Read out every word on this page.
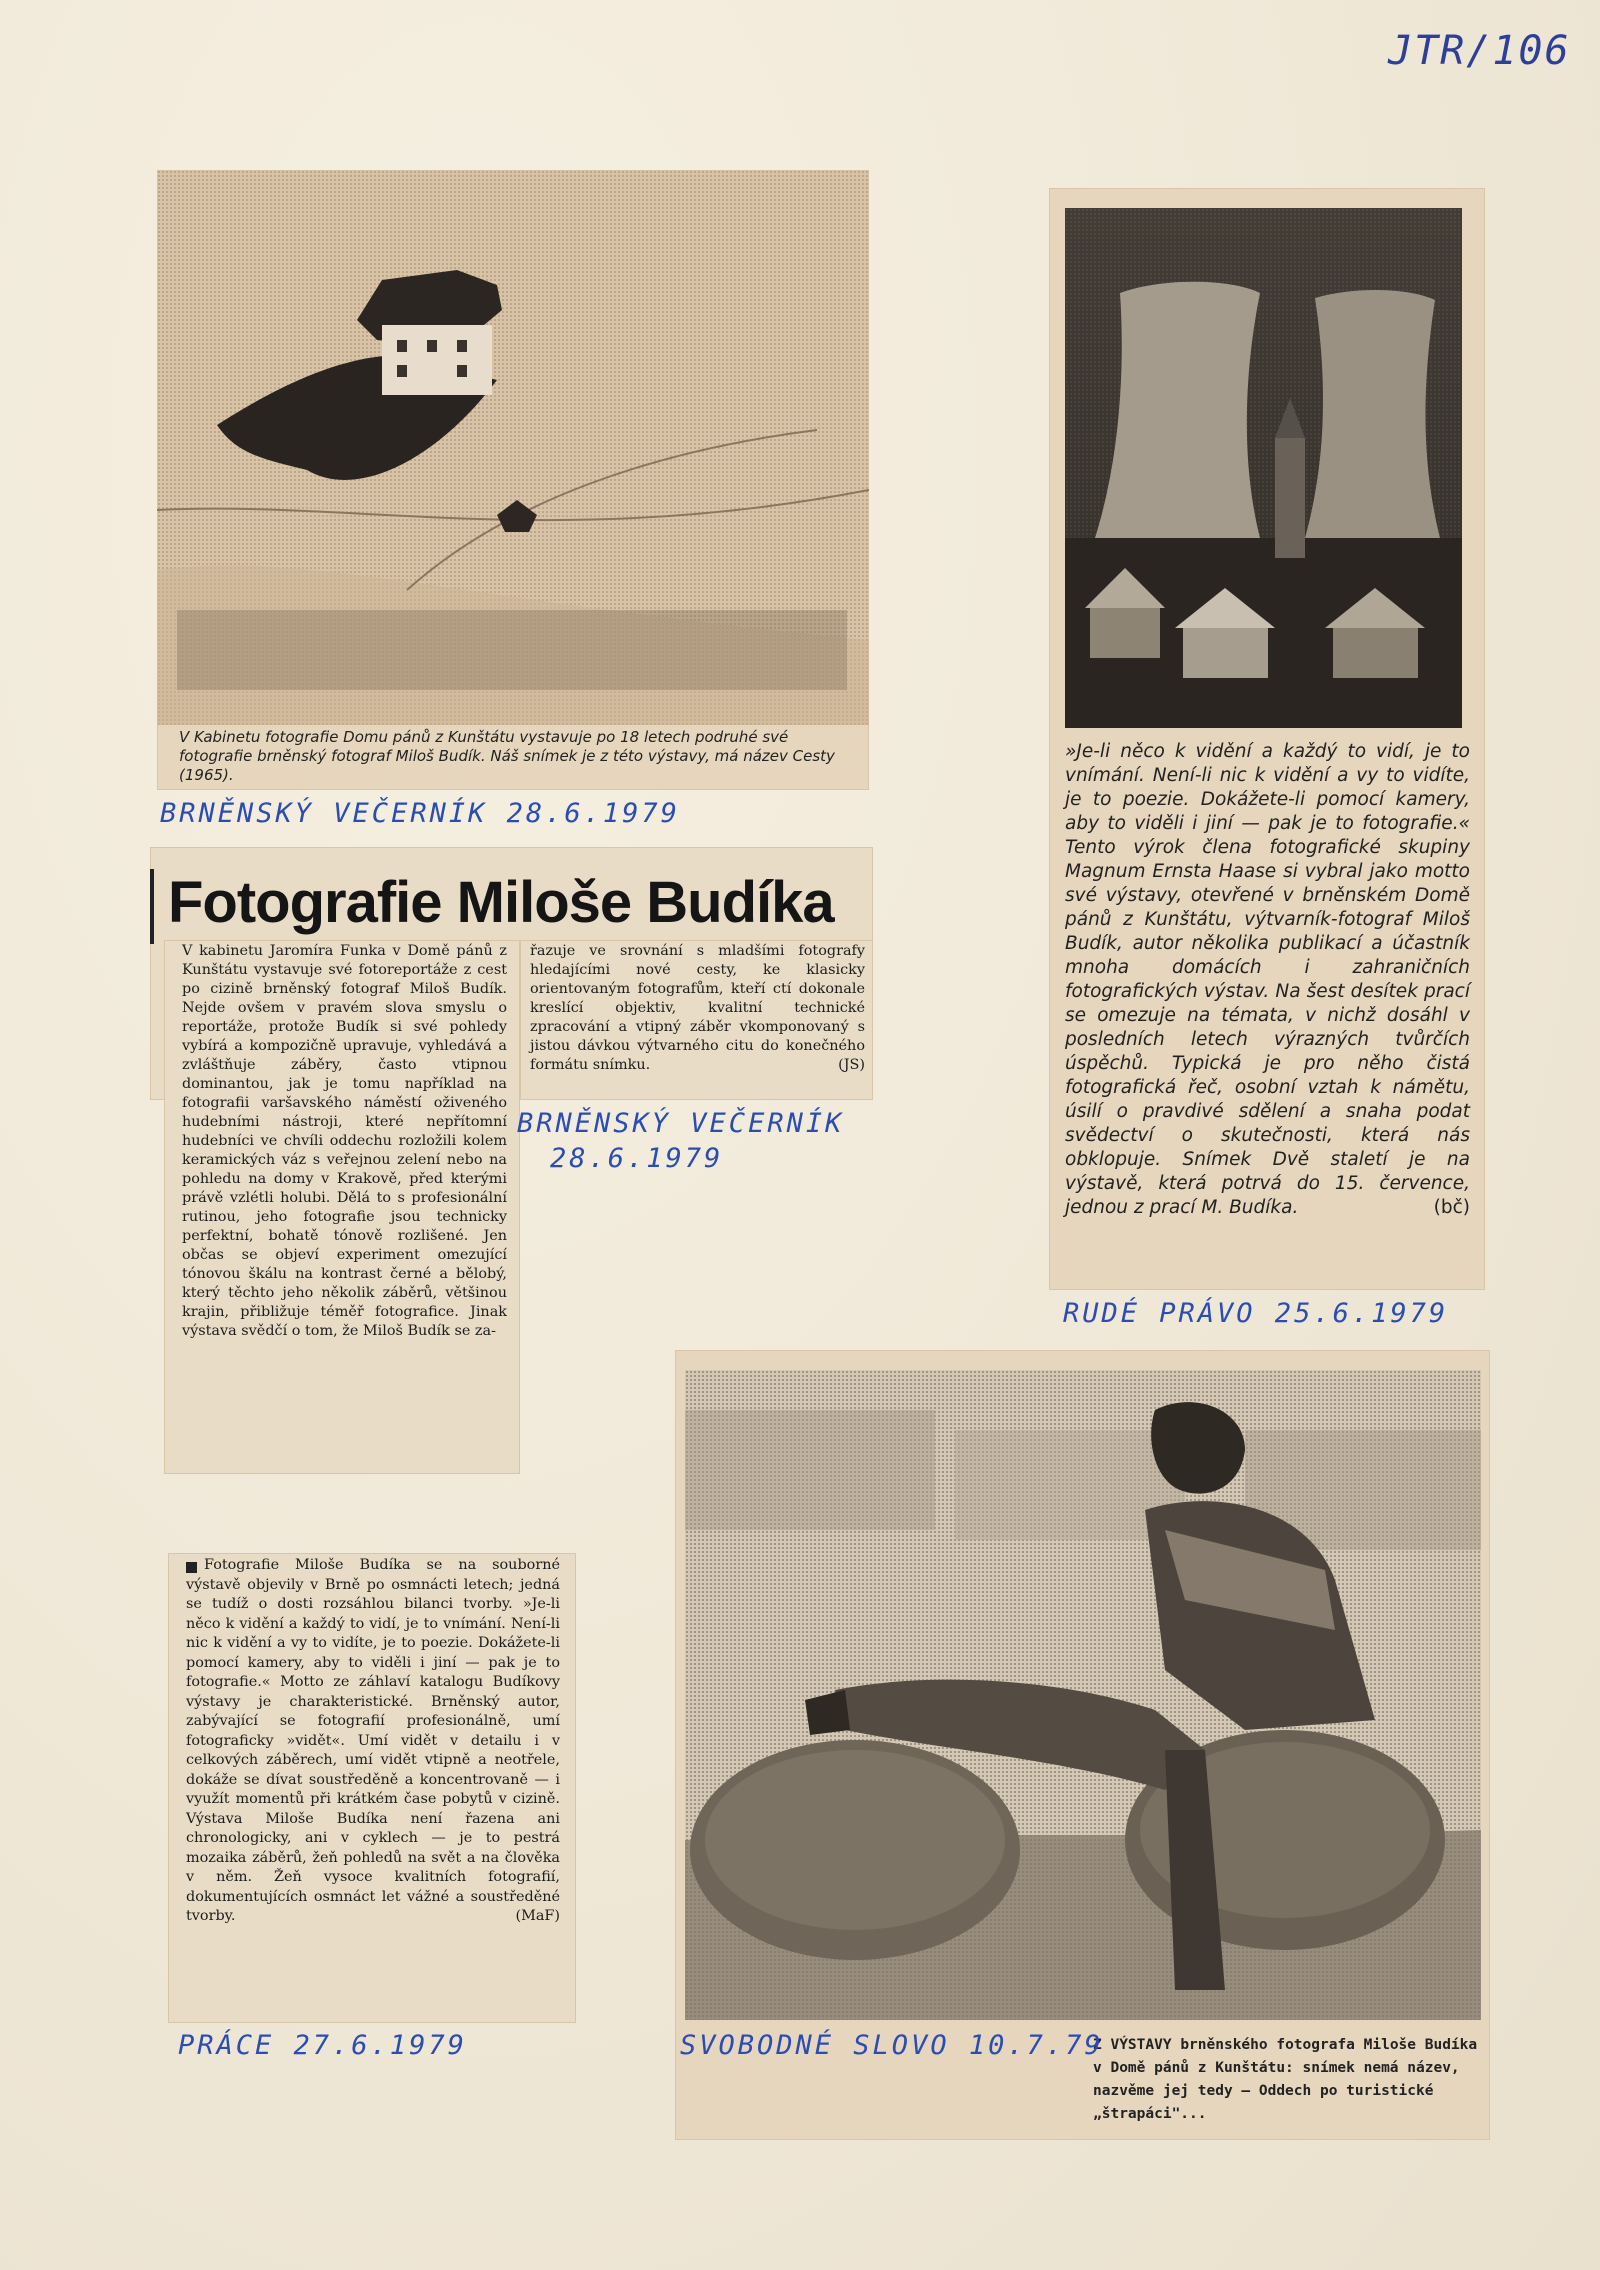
JTR/106
V Kabinetu fotografie Domu pánů z Kunštátu vystavuje po 18 letech podruhé své fotografie brněnský fotograf Miloš Budík. Náš snímek je z této výstavy, má název Cesty (1965).
BRNĚNSKÝ VEČERNÍK 28.6.1979
Fotografie Miloše Budíka
V kabinetu Jaromíra Funka v Domě pánů z Kunštátu vystavuje své fotoreportáže z cest po cizině brněnský fotograf Miloš Budík. Nejde ovšem v pravém slova smyslu o reportáže, protože Budík si své pohledy vybírá a kompozičně upravuje, vyhledává a zvláštňuje záběry, často vtipnou dominantou, jak je tomu například na fotografii varšavského náměstí oživeného hudebními nástroji, které nepřítomní hudebníci ve chvíli oddechu rozložili kolem keramických váz s veřejnou zelení nebo na pohledu na domy v Krakově, před kterými právě vzlétli holubi. Dělá to s profesionální rutinou, jeho fotografie jsou technicky perfektní, bohatě tónově rozlišené. Jen občas se objeví experiment omezující tónovou škálu na kontrast černé a bělobý, který těchto jeho několik záběrů, většinou krajin, přibližuje téměř fotografice. Jinak výstava svědčí o tom, že Miloš Budík se za-
řazuje ve srovnání s mladšími fotografy hledajícími nové cesty, ke klasicky orientovaným fotografům, kteří ctí dokonale kreslící objektiv, kvalitní technické zpracování a vtipný záběr vkomponovaný s jistou dávkou výtvarného citu do konečného formátu snímku.	(JS)
BRNĚNSKÝ VEČERNÍK
28.6.1979
»Je-li něco k vidění a každý to vidí, je to vnímání. Není-li nic k vidění a vy to vidíte, je to poezie. Dokážete-li pomocí kamery, aby to viděli i jiní — pak je to fotografie.« Tento výrok člena fotografické skupiny Magnum Ernsta Haase si vybral jako motto své výstavy, otevřené v brněnském Domě pánů z Kunštátu, výtvarník-fotograf Miloš Budík, autor několika publikací a účastník mnoha domácích i zahraničních fotografických výstav. Na šest desítek prací se omezuje na témata, v nichž dosáhl v posledních letech výrazných tvůrčích úspěchů. Typická je pro něho čistá fotografická řeč, osobní vztah k námětu, úsilí o pravdivé sdělení a snaha podat svědectví o skutečnosti, která nás obklopuje. Snímek Dvě staletí je na výstavě, která potrvá do 15. července, jednou z prací M. Budíka.	(bč)
RUDÉ PRÁVO 25.6.1979
Fotografie Miloše Budíka se na souborné výstavě objevily v Brně po osmnácti letech; jedná se tudíž o dosti rozsáhlou bilanci tvorby. »Je-li něco k vidění a každý to vidí, je to vnímání. Není-li nic k vidění a vy to vidíte, je to poezie. Dokážete-li pomocí kamery, aby to viděli i jiní — pak je to fotografie.« Motto ze záhlaví katalogu Budíkovy výstavy je charakteristické. Brněnský autor, zabývající se fotografií profesionálně, umí fotograficky »vidět«. Umí vidět v detailu i v celkových záběrech, umí vidět vtipně a neotřele, dokáže se dívat soustředěně a koncentrovaně — i využít momentů při krátkém čase pobytů v cizině. Výstava Miloše Budíka není řazena ani chronologicky, ani v cyklech — je to pestrá mozaika záběrů, žeň pohledů na svět a na člověka v něm. Žeň vysoce kvalitních fotografií, dokumentujících osmnáct let vážné a soustředěné tvorby.	(MaF)
PRÁCE 27.6.1979	Z VÝSTAVY brněnského fotografa Miloše Budíka v Domě pánů z Kunštátu: snímek nemá název, nazvěme jej tedy — Oddech po turistické „štrapáci"...
SVOBODNÉ SLOVO 10.7.79
